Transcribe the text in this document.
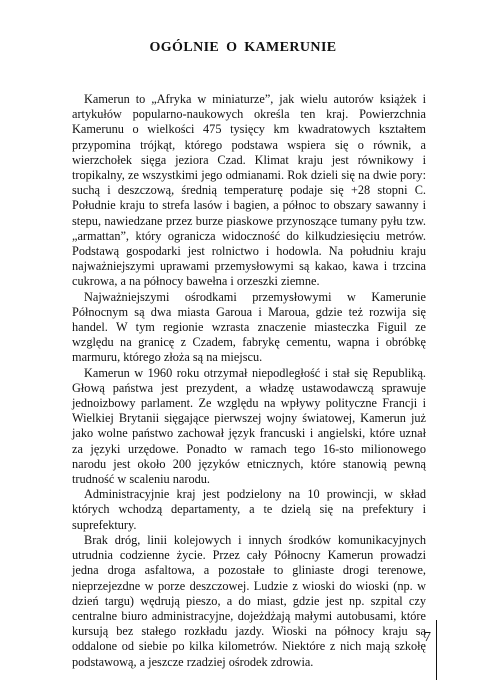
OGÓLNIE O KAMERUNIE

Kamerun to „Afryka w miniaturze”, jak wielu autorów książek i artykułów popularno-naukowych określa ten kraj. Powierzchnia Kamerunu o wielkości 475 tysięcy km kwadratowych kształtem przypomina trójkąt, którego podstawa wspiera się o równik, a wierzchołek sięga jeziora Czad. Klimat kraju jest równikowy i tropikalny, ze wszystkimi jego odmianami. Rok dzieli się na dwie pory: suchą i deszczową, średnią temperaturę podaje się +28 stopni C. Południe kraju to strefa lasów i bagien, a północ to obszary sawanny i stepu, nawiedzane przez burze piaskowe przynoszące tumany pyłu tzw. „armattan”, który ogranicza widoczność do kilkudziesięciu metrów. Podstawą gospodarki jest rolnictwo i hodowla. Na południu kraju najważniejszymi uprawami przemysłowymi są kakao, kawa i trzcina cukrowa, a na północy bawełna i orzeszki ziemne.

Najważniejszymi ośrodkami przemysłowymi w Kamerunie Północnym są dwa miasta Garoua i Maroua, gdzie też rozwija się handel. W tym regionie wzrasta znaczenie miasteczka Figuil ze względu na granicę z Czadem, fabrykę cementu, wapna i obróbkę marmuru, którego złoża są na miejscu.

Kamerun w 1960 roku otrzymał niepodległość i stał się Republiką. Głową państwa jest prezydent, a władzę ustawodawczą sprawuje jednoizbowy parlament. Ze względu na wpływy polityczne Francji i Wielkiej Brytanii sięgające pierwszej wojny światowej, Kamerun już jako wolne państwo zachował język francuski i angielski, które uznał za języki urzędowe. Ponadto w ramach tego 16-sto milionowego narodu jest około 200 języków etnicznych, które stanowią pewną trudność w scaleniu narodu.

Administracyjnie kraj jest podzielony na 10 prowincji, w skład których wchodzą departamenty, a te dzielą się na prefektury i suprefektury.

Brak dróg, linii kolejowych i innych środków komunikacyjnych utrudnia codzienne życie. Przez cały Północny Kamerun prowadzi jedna droga asfaltowa, a pozostałe to gliniaste drogi terenowe, nieprzejezdne w porze deszczowej. Ludzie z wioski do wioski (np. w dzień targu) wędrują pieszo, a do miast, gdzie jest np. szpital czy centralne biuro administracyjne, dojeżdżają małymi autobusami, które kursują bez stałego rozkładu jazdy. Wioski na północy kraju są oddalone od siebie po kilka kilometrów. Niektóre z nich mają szkołę podstawową, a jeszcze rzadziej ośrodek zdrowia.

7
